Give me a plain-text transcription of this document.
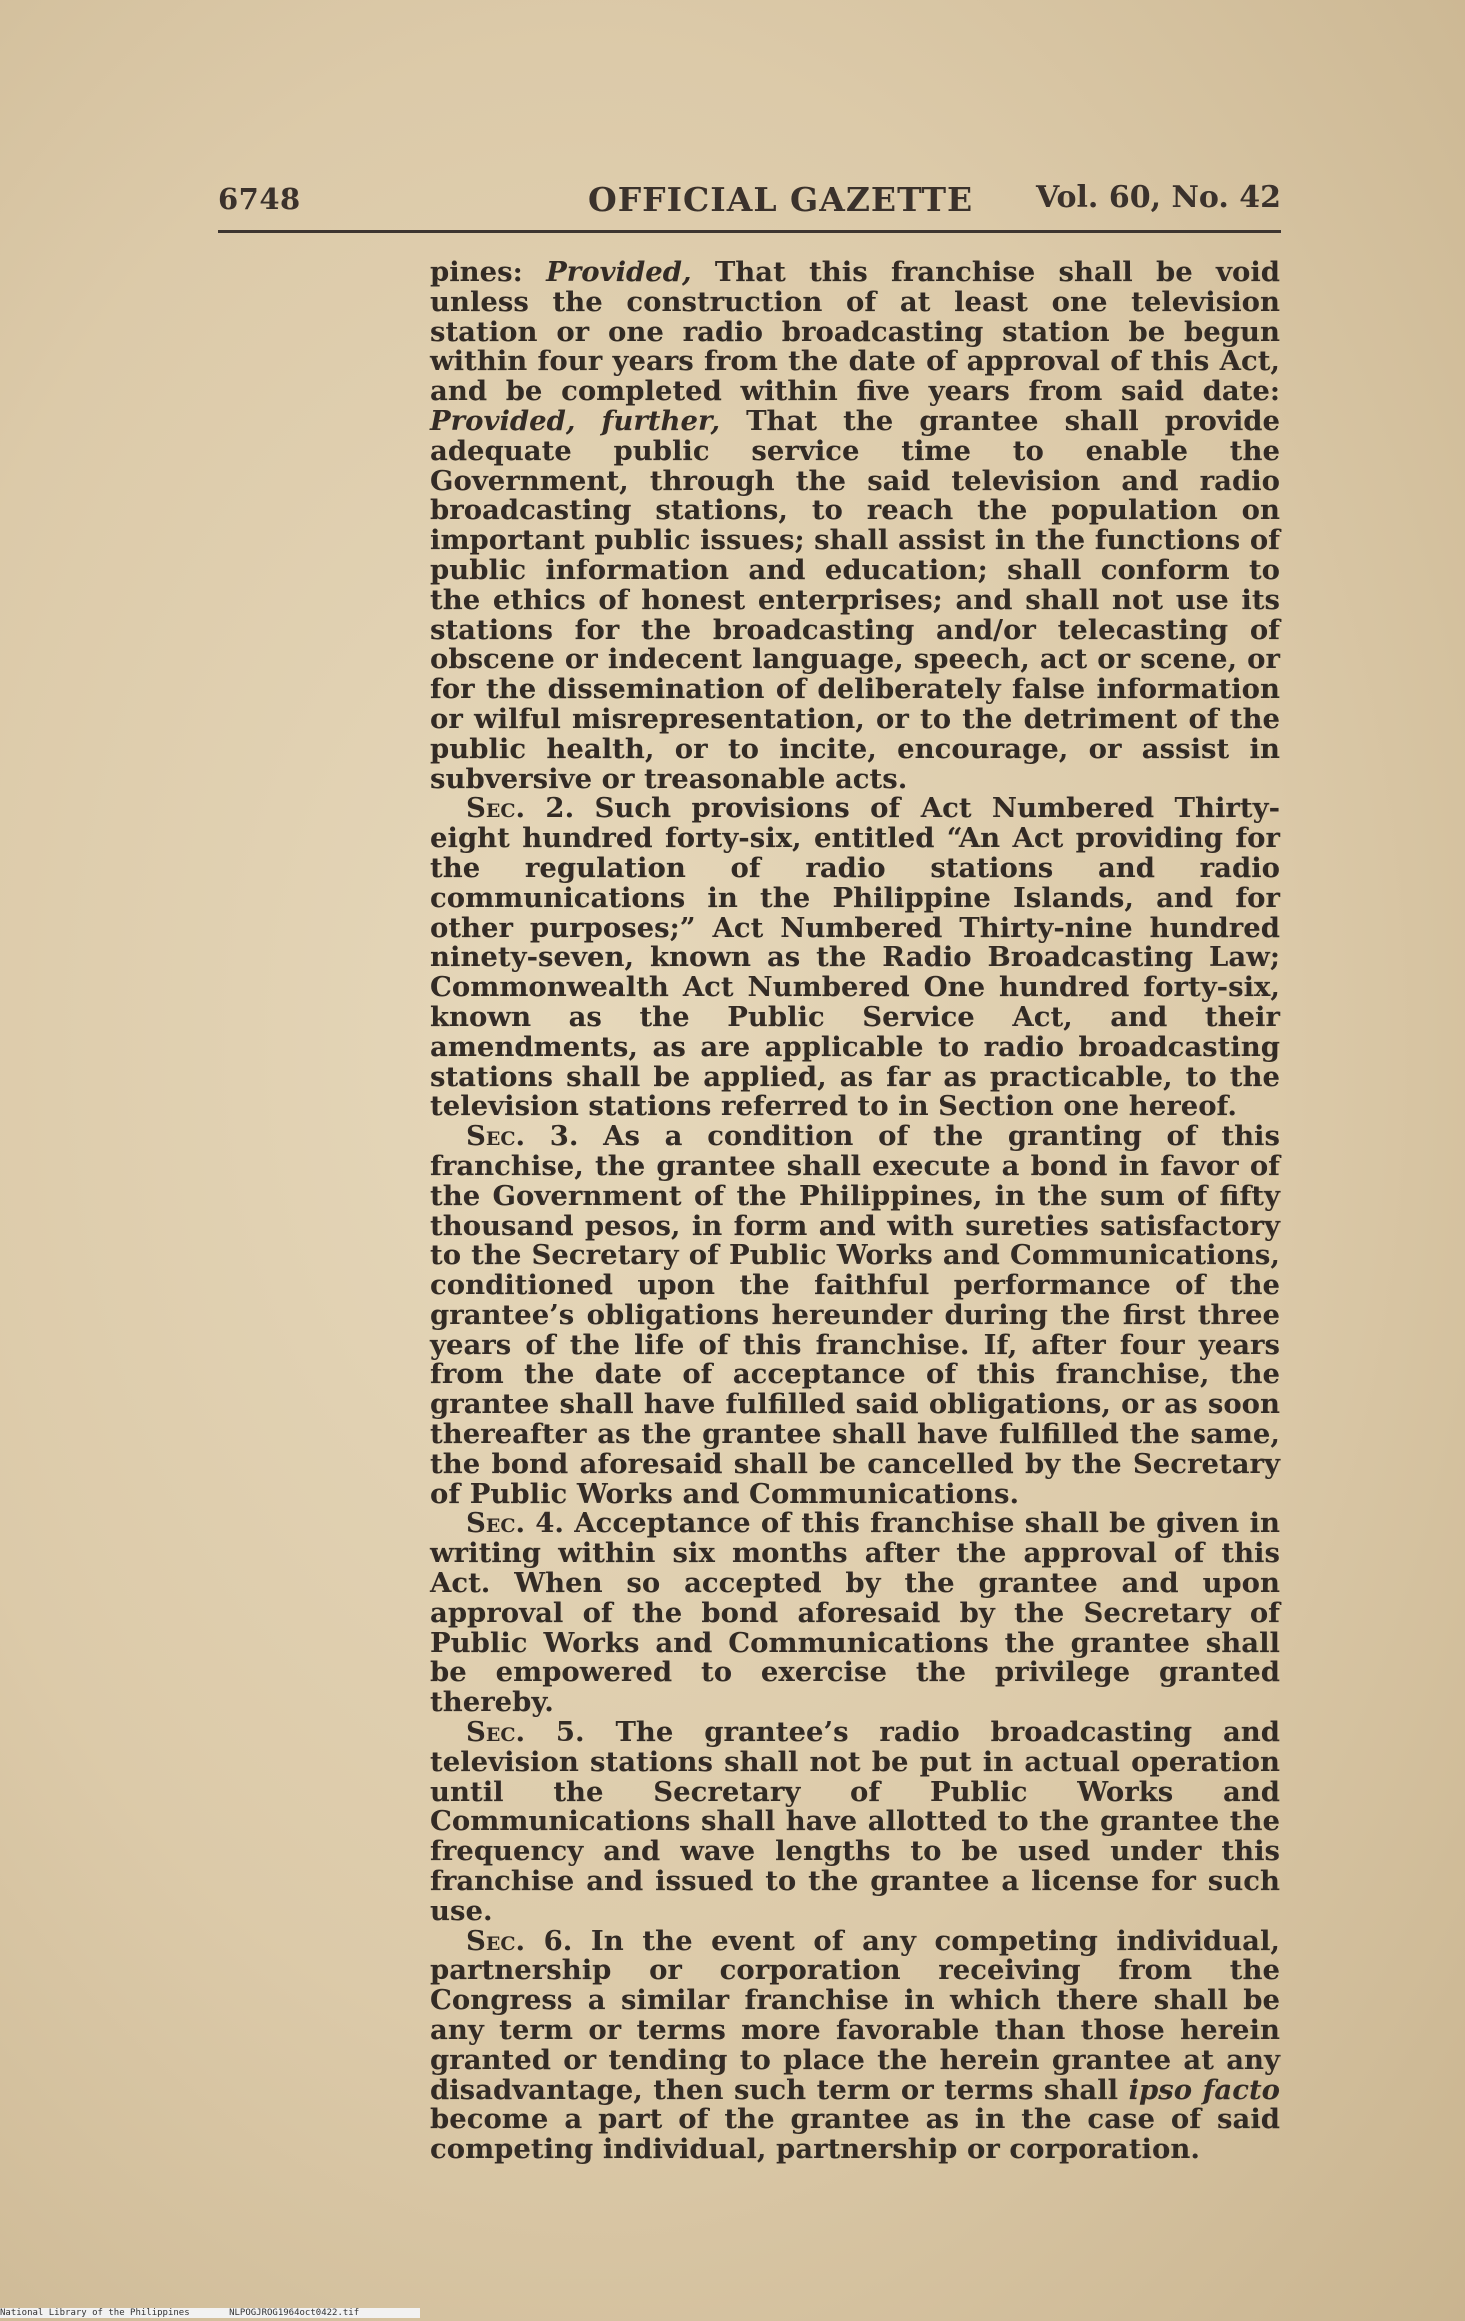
6748	OFFICIAL GAZETTE Vol. 60, No. 42

pines: Provided, That this franchise shall be void unless the construction of at least one television station or one radio broadcasting station be begun within four years from the date of approval of this Act, and be completed within five years from said date: Provided, further, That the grantee shall provide adequate public service time to enable the Government, through the said television and radio broadcasting stations, to reach the population on important public issues; shall assist in the functions of public information and education; shall conform to the ethics of honest enterprises; and shall not use its stations for the broadcasting and/or telecasting of obscene or indecent language, speech, act or scene, or for the dissemination of deliberately false information or wilful misrepresentation, or to the detriment of the public health, or to incite, encourage, or assist in subversive or treasonable acts.

Sec. 2. Such provisions of Act Numbered Thirty-eight hundred forty-six, entitled “An Act providing for the regulation of radio stations and radio communications in the Philippine Islands, and for other purposes;” Act Numbered Thirty-nine hundred ninety-seven, known as the Radio Broadcasting Law; Commonwealth Act Numbered One hundred forty-six, known as the Public Service Act, and their amendments, as are applicable to radio broadcasting stations shall be applied, as far as practicable, to the television stations referred to in Section one hereof.

Sec. 3. As a condition of the granting of this franchise, the grantee shall execute a bond in favor of the Government of the Philippines, in the sum of fifty thousand pesos, in form and with sureties satisfactory to the Secretary of Public Works and Communications, conditioned upon the faithful performance of the grantee’s obligations hereunder during the first three years of the life of this franchise. If, after four years from the date of acceptance of this franchise, the grantee shall have fulfilled said obligations, or as soon thereafter as the grantee shall have fulfilled the same, the bond aforesaid shall be cancelled by the Secretary of Public Works and Communications.

Sec. 4. Acceptance of this franchise shall be given in writing within six months after the approval of this Act. When so accepted by the grantee and upon approval of the bond aforesaid by the Secretary of Public Works and Communications the grantee shall be empowered to exercise the privilege granted thereby.

Sec. 5. The grantee’s radio broadcasting and television stations shall not be put in actual operation until the Secretary of Public Works and Communications shall have allotted to the grantee the frequency and wave lengths to be used under this franchise and issued to the grantee a license for such use.

Sec. 6. In the event of any competing individual, partnership or corporation receiving from the Congress a similar franchise in which there shall be any term or terms more favorable than those herein granted or tending to place the herein grantee at any disadvantage, then such term or terms shall ipso facto become a part of the grantee as in the case of said competing individual, partnership or corporation.

National Library of the Philippines	NLPOGJROG1964oct0422.tif
